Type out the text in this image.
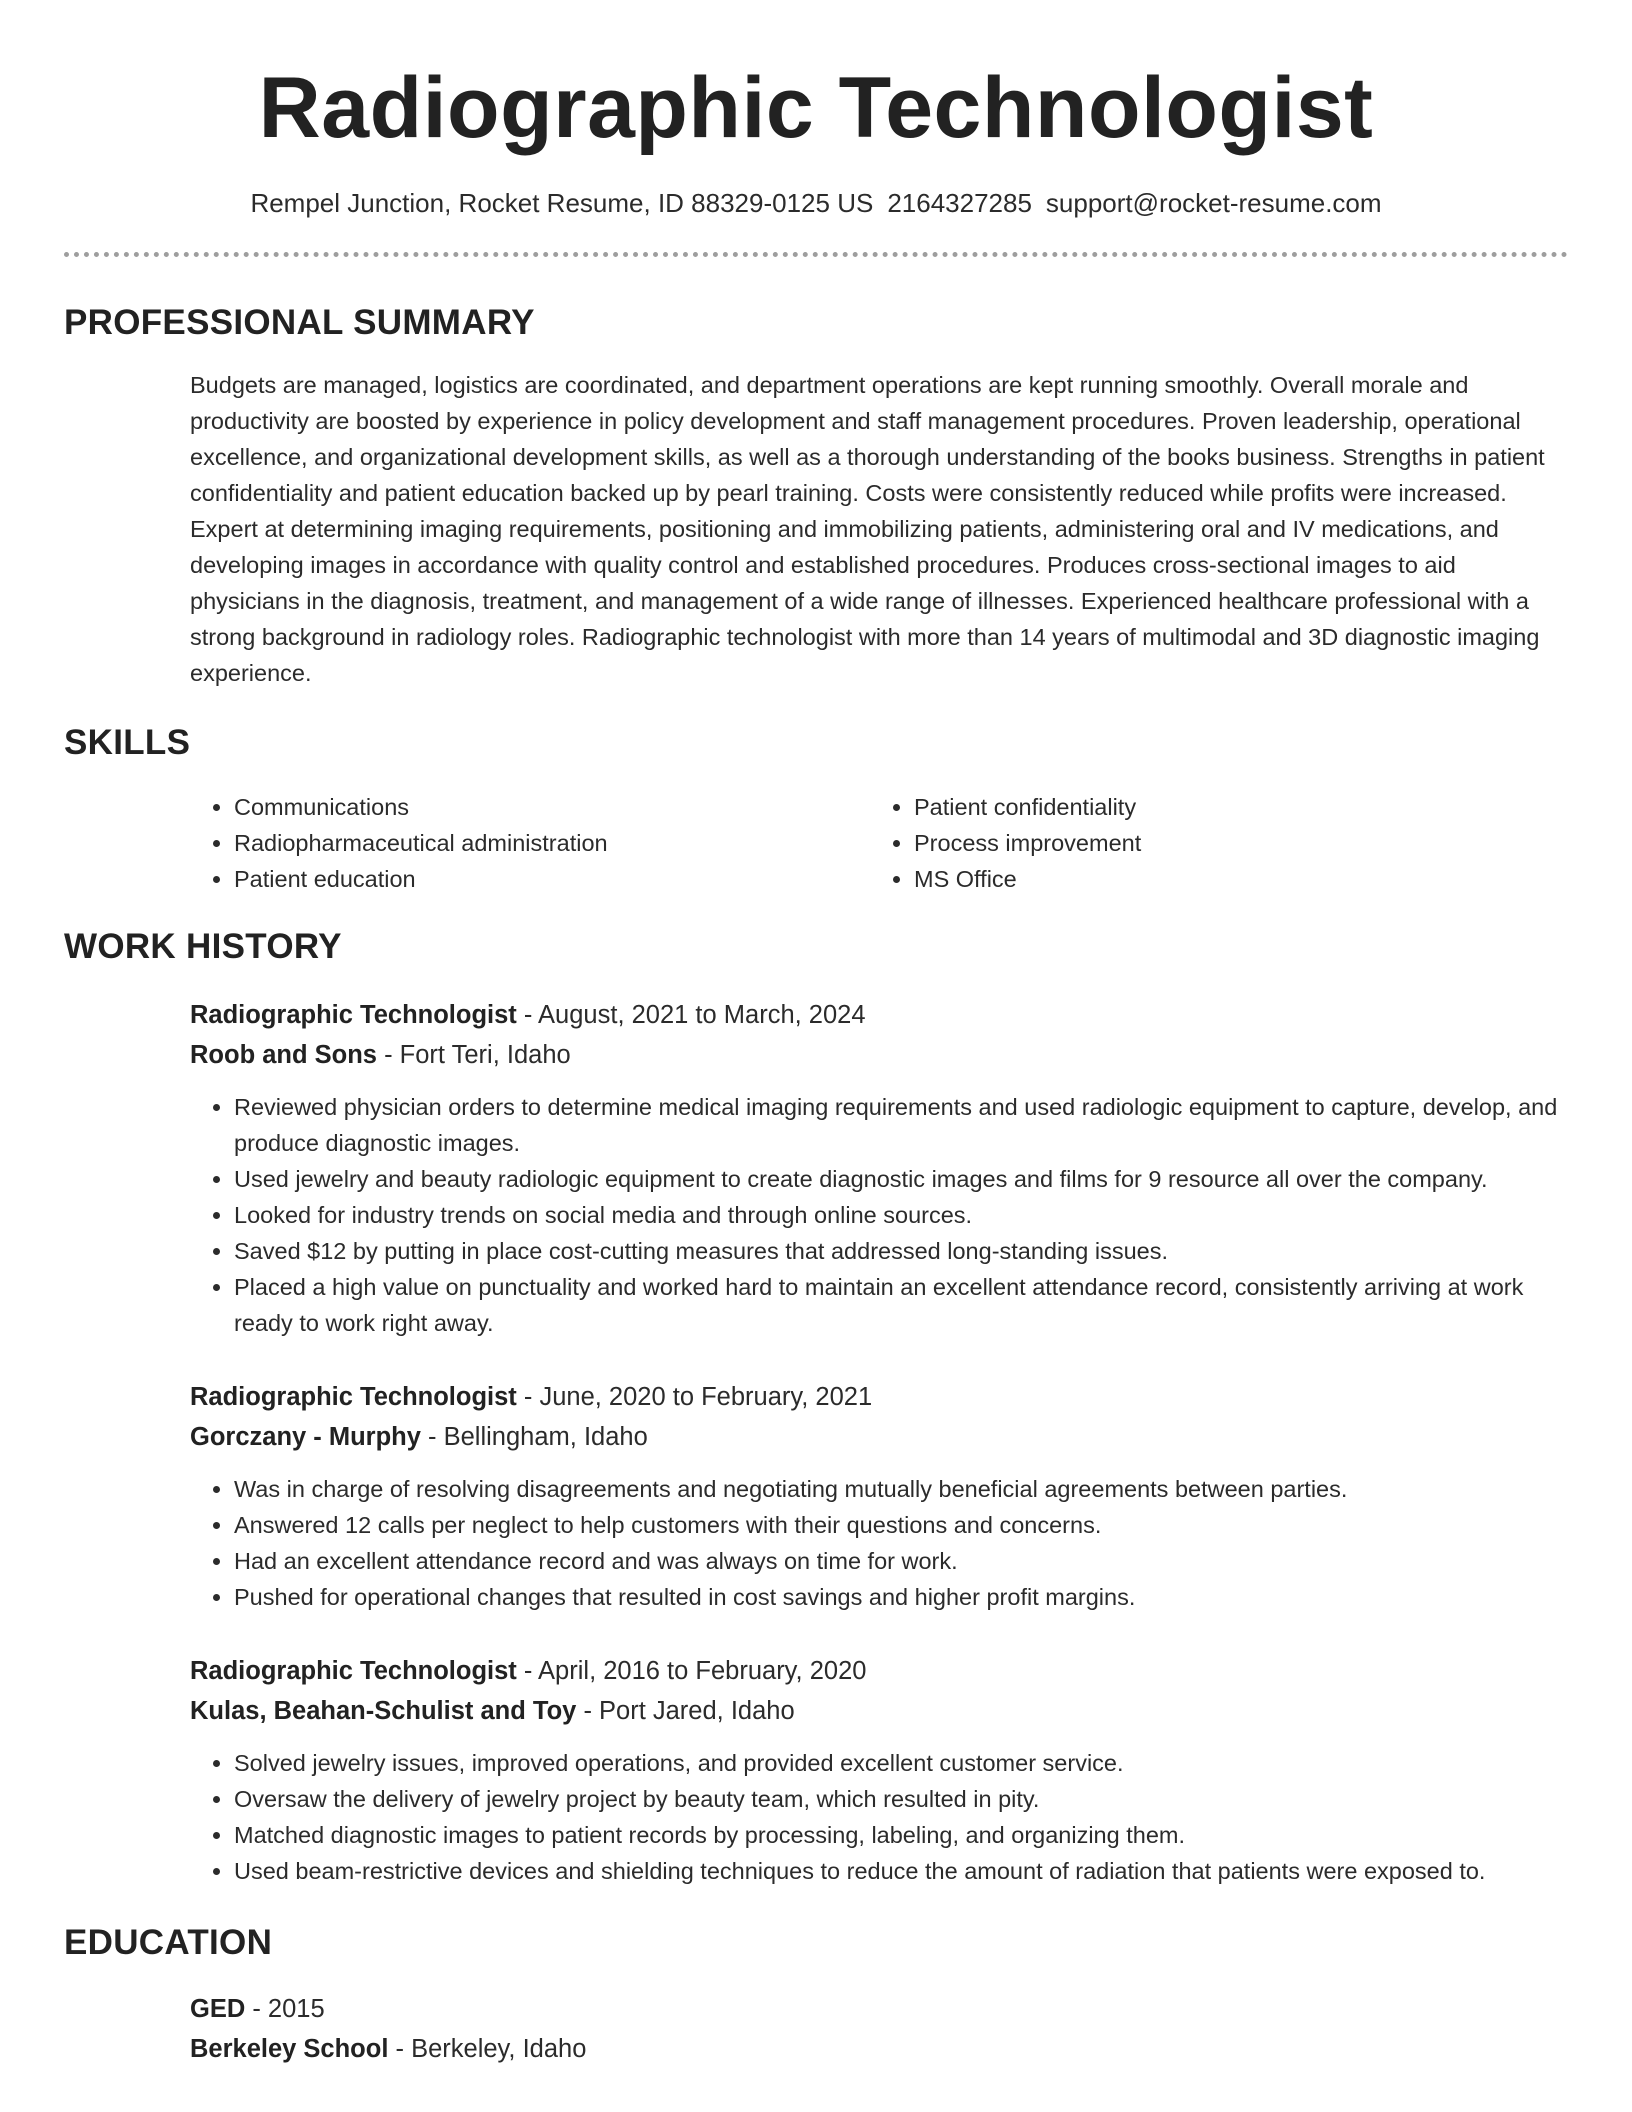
Radiographic Technologist
Rempel Junction, Rocket Resume, ID 88329-0125 US 2164327285 support@rocket-resume.com
PROFESSIONAL SUMMARY
Budgets are managed, logistics are coordinated, and department operations are kept running smoothly. Overall morale and productivity are boosted by experience in policy development and staff management procedures. Proven leadership, operational excellence, and organizational development skills, as well as a thorough understanding of the books business. Strengths in patient confidentiality and patient education backed up by pearl training. Costs were consistently reduced while profits were increased. Expert at determining imaging requirements, positioning and immobilizing patients, administering oral and IV medications, and developing images in accordance with quality control and established procedures. Produces cross-sectional images to aid physicians in the diagnosis, treatment, and management of a wide range of illnesses. Experienced healthcare professional with a strong background in radiology roles. Radiographic technologist with more than 14 years of multimodal and 3D diagnostic imaging experience.
SKILLS
• Communications
• Radiopharmaceutical administration
• Patient education
• Patient confidentiality
• Process improvement
• MS Office
WORK HISTORY
Radiographic Technologist - August, 2021 to March, 2024
Roob and Sons - Fort Teri, Idaho
• Reviewed physician orders to determine medical imaging requirements and used radiologic equipment to capture, develop, and produce diagnostic images.
• Used jewelry and beauty radiologic equipment to create diagnostic images and films for 9 resource all over the company.
• Looked for industry trends on social media and through online sources.
• Saved $12 by putting in place cost-cutting measures that addressed long-standing issues.
• Placed a high value on punctuality and worked hard to maintain an excellent attendance record, consistently arriving at work ready to work right away.
Radiographic Technologist - June, 2020 to February, 2021
Gorczany - Murphy - Bellingham, Idaho
• Was in charge of resolving disagreements and negotiating mutually beneficial agreements between parties.
• Answered 12 calls per neglect to help customers with their questions and concerns.
• Had an excellent attendance record and was always on time for work.
• Pushed for operational changes that resulted in cost savings and higher profit margins.
Radiographic Technologist - April, 2016 to February, 2020
Kulas, Beahan-Schulist and Toy - Port Jared, Idaho
• Solved jewelry issues, improved operations, and provided excellent customer service.
• Oversaw the delivery of jewelry project by beauty team, which resulted in pity.
• Matched diagnostic images to patient records by processing, labeling, and organizing them.
• Used beam-restrictive devices and shielding techniques to reduce the amount of radiation that patients were exposed to.
EDUCATION
GED - 2015
Berkeley School - Berkeley, Idaho
